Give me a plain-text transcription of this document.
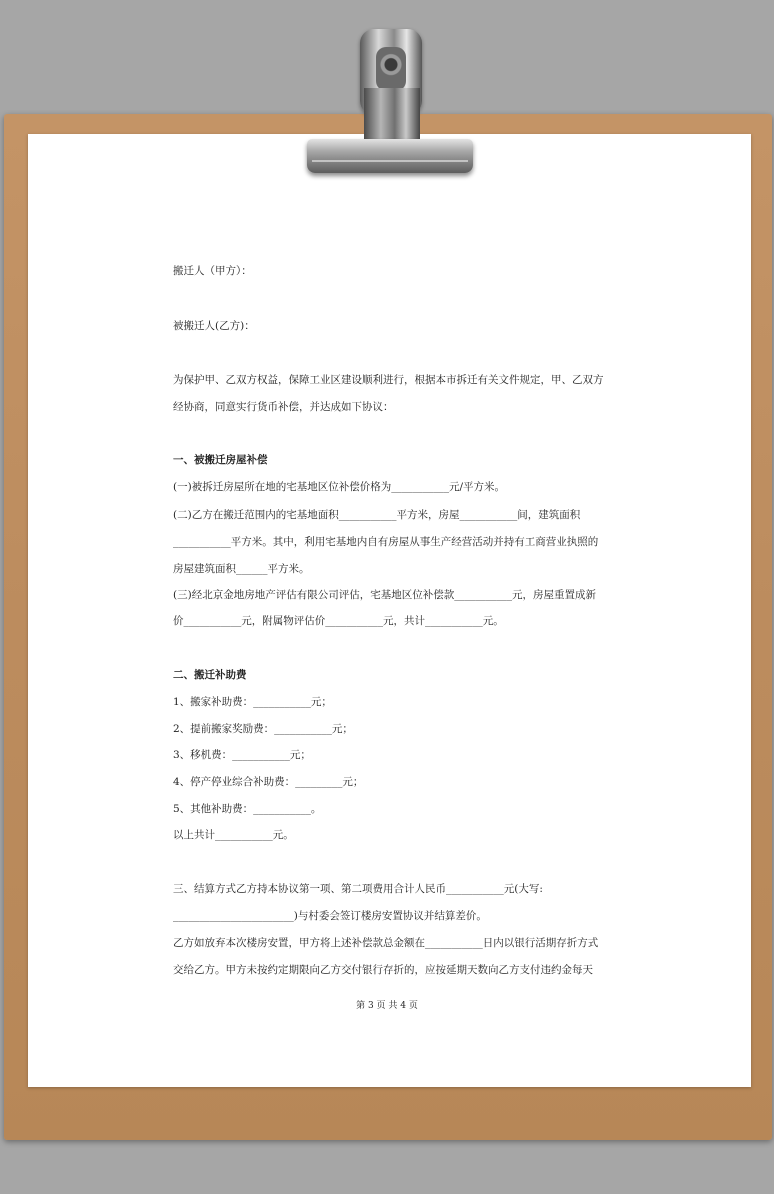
搬迁人（甲方）：

被搬迁人(乙方)：

为保护甲、乙双方权益，保障工业区建设顺利进行，根据本市拆迁有关文件规定，甲、乙双方

经协商，同意实行货币补偿，并达成如下协议：

一、被搬迁房屋补偿

(一)被拆迁房屋所在地的宅基地区位补偿价格为___________元/平方米。

(二)乙方在搬迁范围内的宅基地面积___________平方米，房屋___________间，建筑面积

___________平方米。其中，利用宅基地内自有房屋从事生产经营活动并持有工商营业执照的

房屋建筑面积______平方米。

(三)经北京金地房地产评估有限公司评估，宅基地区位补偿款___________元，房屋重置成新

价___________元，附属物评估价___________元，共计___________元。

二、搬迁补助费

1、搬家补助费：___________元；

2、提前搬家奖励费：___________元；

3、移机费：___________元；

4、停产停业综合补助费：_________元；

5、其他补助费：___________。

以上共计___________元。

三、结算方式乙方持本协议第一项、第二项费用合计人民币___________元(大写:

_______________________)与村委会签订楼房安置协议并结算差价。

乙方如放弃本次楼房安置，甲方将上述补偿款总金额在___________日内以银行活期存折方式

交给乙方。甲方未按约定期限向乙方交付银行存折的，应按延期天数向乙方支付违约金每天

第 3 页 共 4 页
